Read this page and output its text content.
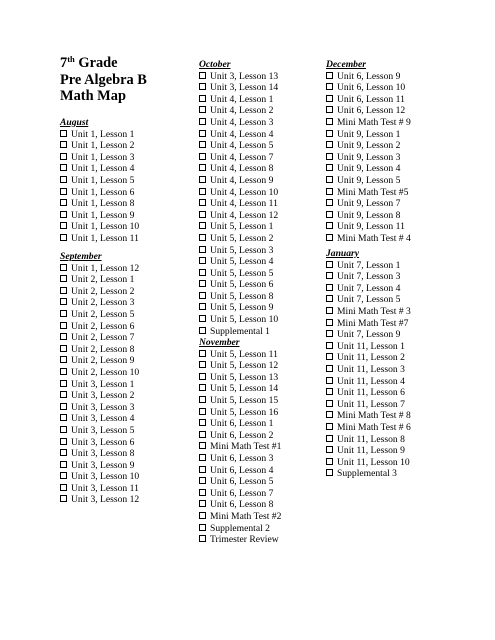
7th Grade
Pre Algebra B
Math Map
August
Unit 1, Lesson 1
Unit 1, Lesson 2
Unit 1, Lesson 3
Unit 1, Lesson 4
Unit 1, Lesson 5
Unit 1, Lesson 6
Unit 1, Lesson 8
Unit 1, Lesson 9
Unit 1, Lesson 10
Unit 1, Lesson 11
September
Unit 1, Lesson 12
Unit 2, Lesson 1
Unit 2, Lesson 2
Unit 2, Lesson 3
Unit 2, Lesson 5
Unit 2, Lesson 6
Unit 2, Lesson 7
Unit 2, Lesson 8
Unit 2, Lesson 9
Unit 2, Lesson 10
Unit 3, Lesson 1
Unit 3, Lesson 2
Unit 3, Lesson 3
Unit 3, Lesson 4
Unit 3, Lesson 5
Unit 3, Lesson 6
Unit 3, Lesson 8
Unit 3, Lesson 9
Unit 3, Lesson 10
Unit 3, Lesson 11
Unit 3, Lesson 12
October
Unit 3, Lesson 13
Unit 3, Lesson 14
Unit 4, Lesson 1
Unit 4, Lesson 2
Unit 4, Lesson 3
Unit 4, Lesson 4
Unit 4, Lesson 5
Unit 4, Lesson 7
Unit 4, Lesson 8
Unit 4, Lesson 9
Unit 4, Lesson 10
Unit 4, Lesson 11
Unit 4, Lesson 12
Unit 5, Lesson 1
Unit 5, Lesson 2
Unit 5, Lesson 3
Unit 5, Lesson 4
Unit 5, Lesson 5
Unit 5, Lesson 6
Unit 5, Lesson 8
Unit 5, Lesson 9
Unit 5, Lesson 10
Supplemental 1
November
Unit 5, Lesson 11
Unit 5, Lesson 12
Unit 5, Lesson 13
Unit 5, Lesson 14
Unit 5, Lesson 15
Unit 5, Lesson 16
Unit 6, Lesson 1
Unit 6, Lesson 2
Mini Math Test #1
Unit 6, Lesson 3
Unit 6, Lesson 4
Unit 6, Lesson 5
Unit 6, Lesson 7
Unit 6, Lesson 8
Mini Math Test #2
Supplemental 2
Trimester Review
December
Unit 6, Lesson 9
Unit 6, Lesson 10
Unit 6, Lesson 11
Unit 6, Lesson 12
Mini Math Test # 9
Unit 9, Lesson 1
Unit 9, Lesson 2
Unit 9, Lesson 3
Unit 9, Lesson 4
Unit 9, Lesson 5
Mini Math Test #5
Unit 9, Lesson 7
Unit 9, Lesson 8
Unit 9, Lesson 11
Mini Math Test # 4
January
Unit 7, Lesson 1
Unit 7, Lesson 3
Unit 7, Lesson 4
Unit 7, Lesson 5
Mini Math Test # 3
Mini Math Test #7
Unit 7, Lesson 9
Unit 11, Lesson 1
Unit 11, Lesson 2
Unit 11, Lesson 3
Unit 11, Lesson 4
Unit 11, Lesson 6
Unit 11, Lesson 7
Mini Math Test # 8
Mini Math Test # 6
Unit 11, Lesson 8
Unit 11, Lesson 9
Unit 11, Lesson 10
Supplemental 3
